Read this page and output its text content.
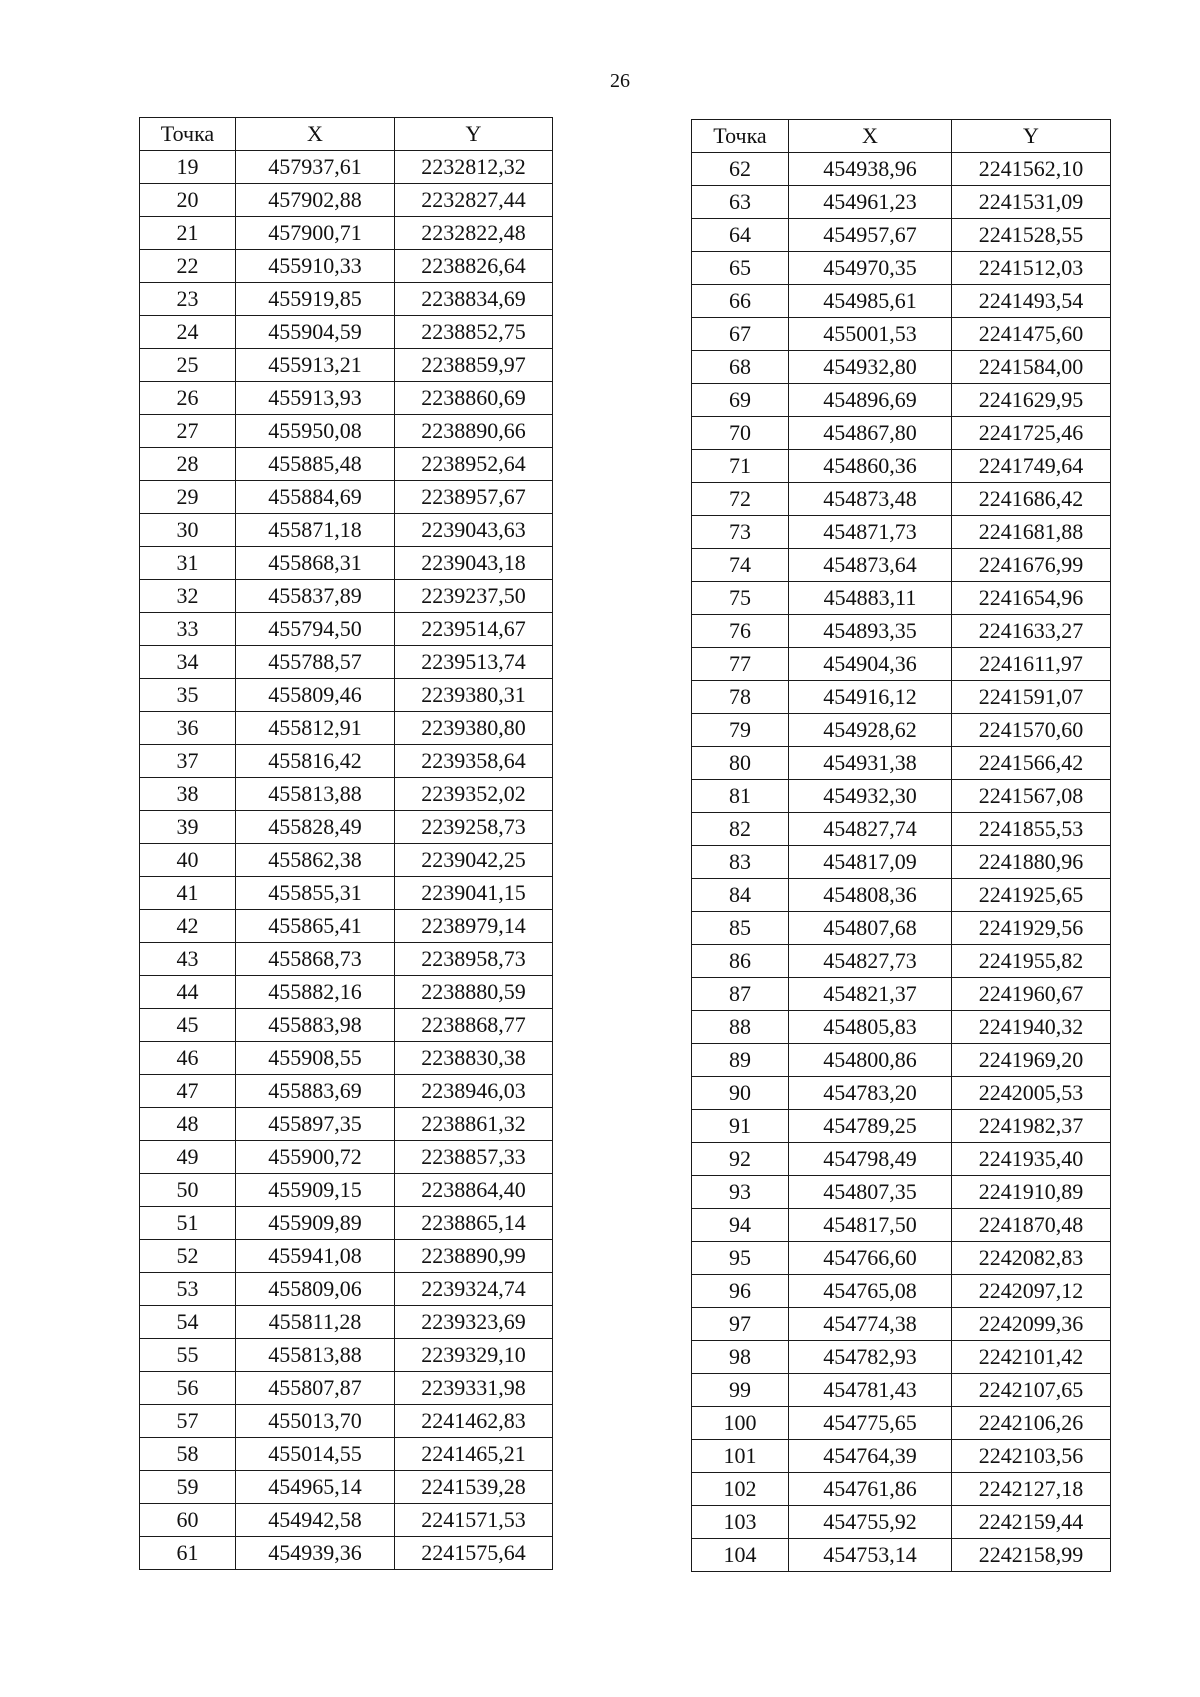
26
Точка	X	Y
19	457937,61	2232812,32
20	457902,88	2232827,44
21	457900,71	2232822,48
22	455910,33	2238826,64
23	455919,85	2238834,69
24	455904,59	2238852,75
25	455913,21	2238859,97
26	455913,93	2238860,69
27	455950,08	2238890,66
28	455885,48	2238952,64
29	455884,69	2238957,67
30	455871,18	2239043,63
31	455868,31	2239043,18
32	455837,89	2239237,50
33	455794,50	2239514,67
34	455788,57	2239513,74
35	455809,46	2239380,31
36	455812,91	2239380,80
37	455816,42	2239358,64
38	455813,88	2239352,02
39	455828,49	2239258,73
40	455862,38	2239042,25
41	455855,31	2239041,15
42	455865,41	2238979,14
43	455868,73	2238958,73
44	455882,16	2238880,59
45	455883,98	2238868,77
46	455908,55	2238830,38
47	455883,69	2238946,03
48	455897,35	2238861,32
49	455900,72	2238857,33
50	455909,15	2238864,40
51	455909,89	2238865,14
52	455941,08	2238890,99
53	455809,06	2239324,74
54	455811,28	2239323,69
55	455813,88	2239329,10
56	455807,87	2239331,98
57	455013,70	2241462,83
58	455014,55	2241465,21
59	454965,14	2241539,28
60	454942,58	2241571,53
61	454939,36	2241575,64
Точка	X	Y
62	454938,96	2241562,10
63	454961,23	2241531,09
64	454957,67	2241528,55
65	454970,35	2241512,03
66	454985,61	2241493,54
67	455001,53	2241475,60
68	454932,80	2241584,00
69	454896,69	2241629,95
70	454867,80	2241725,46
71	454860,36	2241749,64
72	454873,48	2241686,42
73	454871,73	2241681,88
74	454873,64	2241676,99
75	454883,11	2241654,96
76	454893,35	2241633,27
77	454904,36	2241611,97
78	454916,12	2241591,07
79	454928,62	2241570,60
80	454931,38	2241566,42
81	454932,30	2241567,08
82	454827,74	2241855,53
83	454817,09	2241880,96
84	454808,36	2241925,65
85	454807,68	2241929,56
86	454827,73	2241955,82
87	454821,37	2241960,67
88	454805,83	2241940,32
89	454800,86	2241969,20
90	454783,20	2242005,53
91	454789,25	2241982,37
92	454798,49	2241935,40
93	454807,35	2241910,89
94	454817,50	2241870,48
95	454766,60	2242082,83
96	454765,08	2242097,12
97	454774,38	2242099,36
98	454782,93	2242101,42
99	454781,43	2242107,65
100	454775,65	2242106,26
101	454764,39	2242103,56
102	454761,86	2242127,18
103	454755,92	2242159,44
104	454753,14	2242158,99
